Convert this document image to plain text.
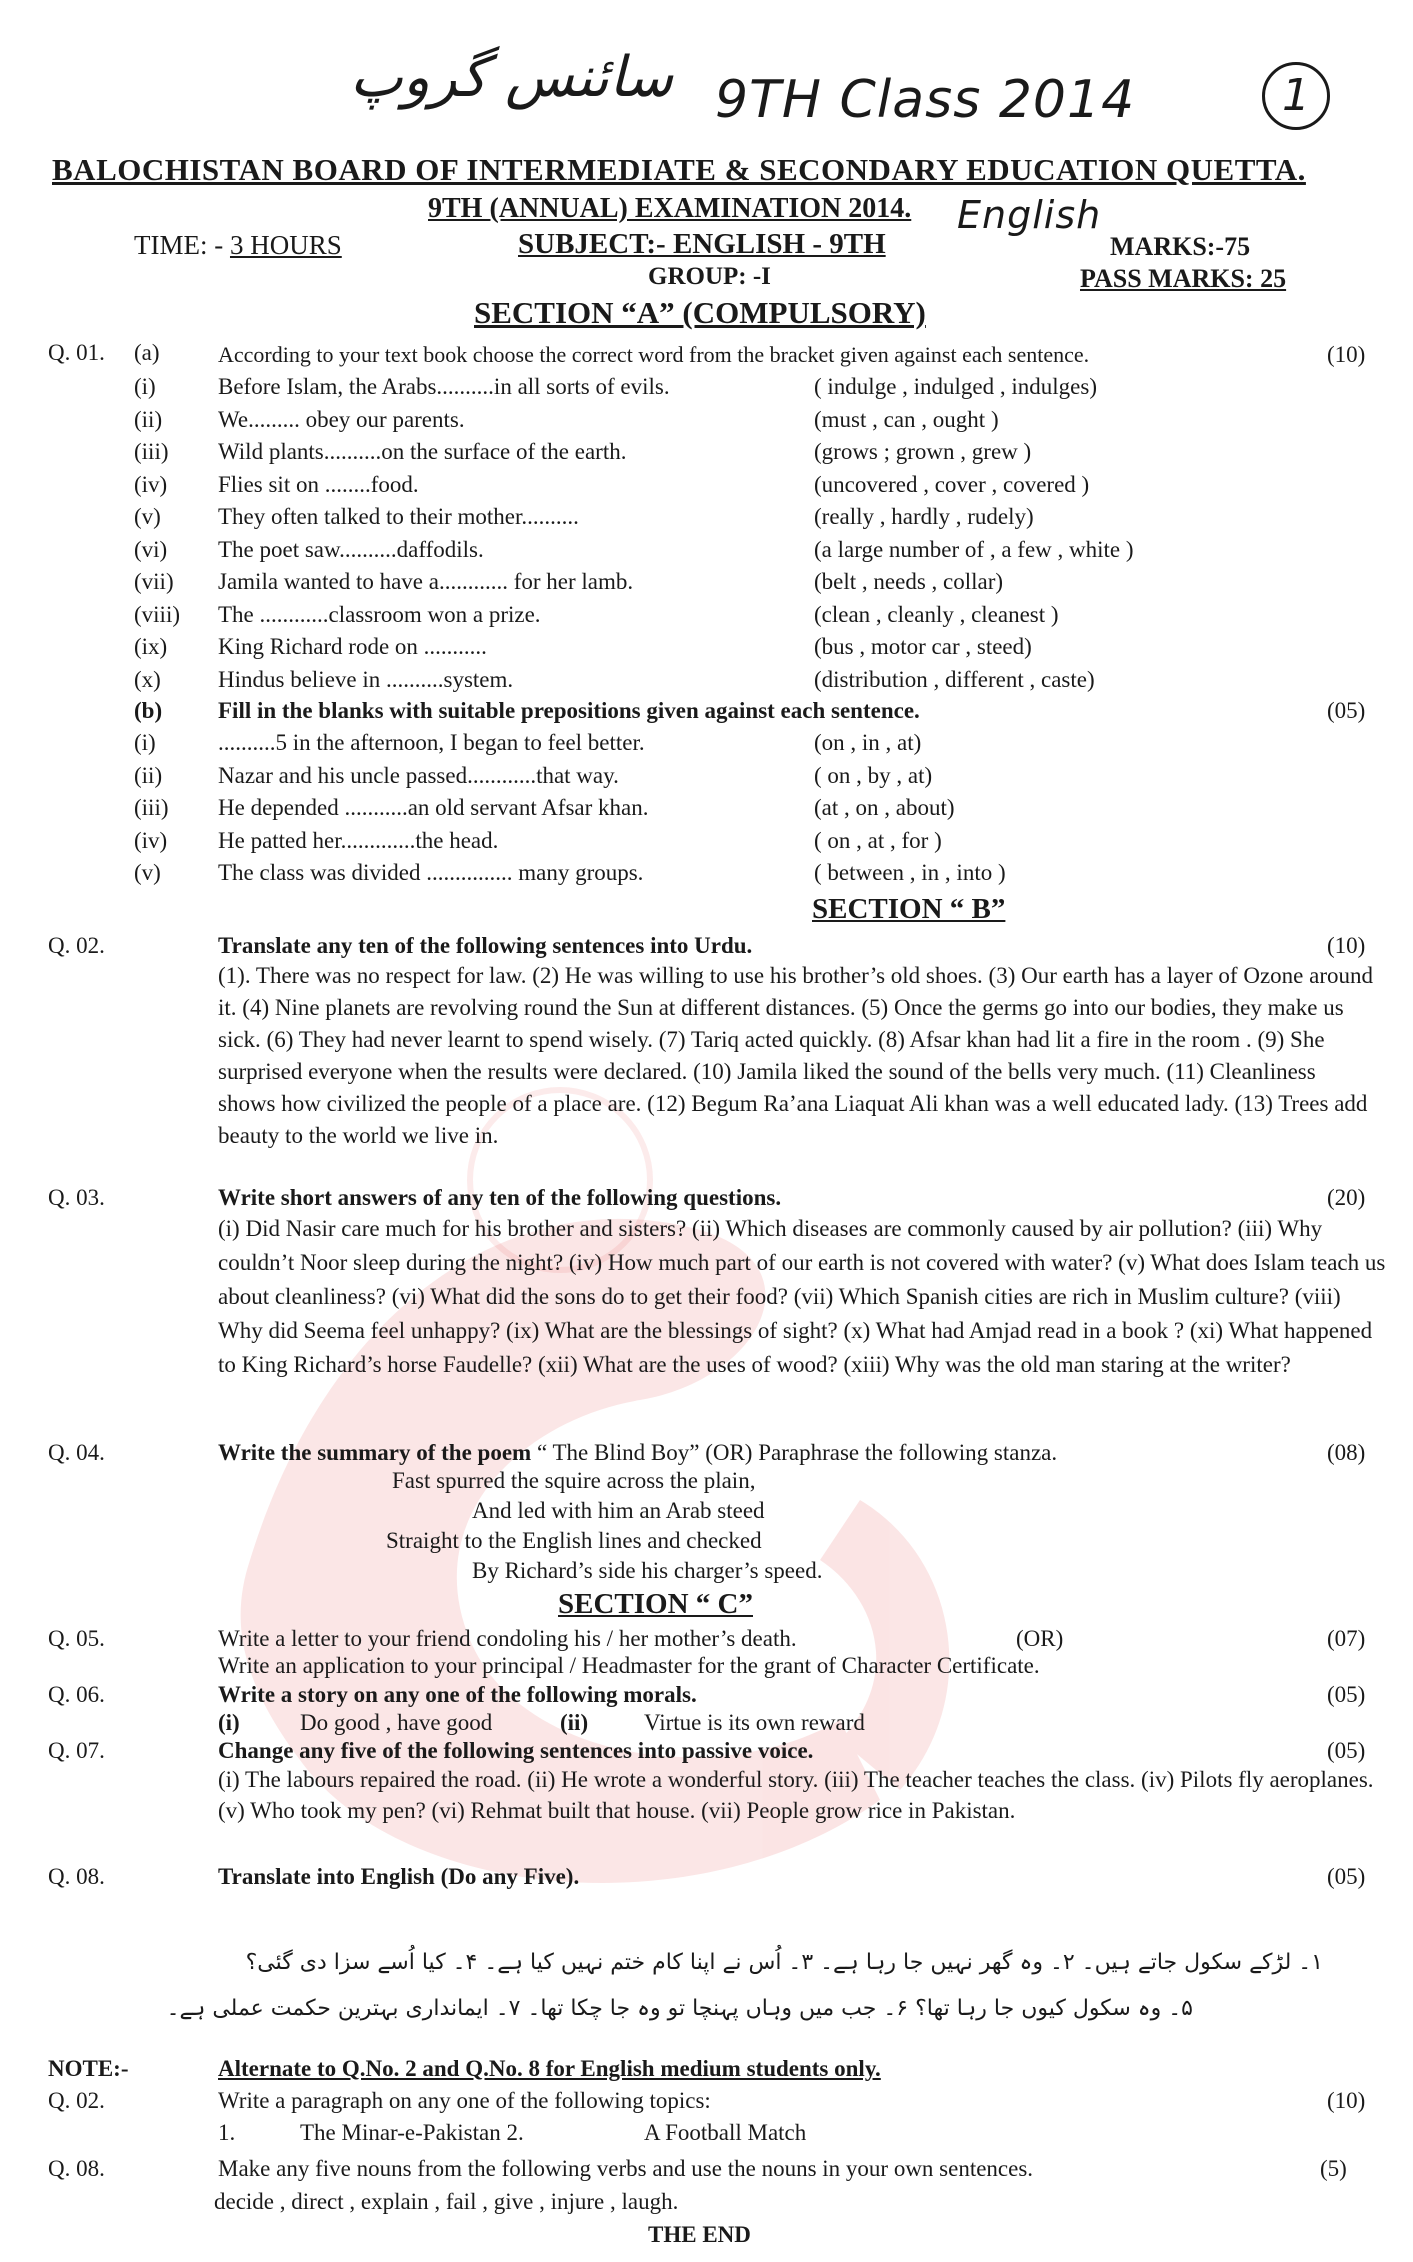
سائنس گروپ 9TH Class 2014	1
English
BALOCHISTAN BOARD OF INTERMEDIATE & SECONDARY EDUCATION QUETTA.
9TH (ANNUAL) EXAMINATION 2014.
TIME: - 3 HOURS	SUBJECT:- ENGLISH - 9TH	MARKS:-75
GROUP: -I	PASS MARKS: 25
SECTION “A” (COMPULSORY)
Q. 01. (a)	According to your text book choose the correct word from the bracket given against each sentence.	(10)
(i)	Before Islam, the Arabs..........in all sorts of evils.	( indulge , indulged , indulges)
(ii) We......... obey our parents.	(must , can , ought )
(iii) Wild plants..........on the surface of the earth.	(grows ; grown , grew )
(iv) Flies sit on ........food.	(uncovered , cover , covered )
(v) They often talked to their mother..........	(really , hardly , rudely)
(vi) The poet saw..........daffodils.	(a large number of , a few , white )
(vii) Jamila wanted to have a............ for her lamb.	(belt , needs , collar)
(viii) The ............classroom won a prize.	(clean , cleanly , cleanest )
(ix) King Richard rode on ...........	(bus , motor car , steed)
(x) Hindus believe in ..........system.	(distribution , different , caste)
(b) Fill in the blanks with suitable prepositions given against each sentence.	(05)
(i)	..........5 in the afternoon, I began to feel better.	(on , in , at)
(ii) Nazar and his uncle passed............that way.	( on , by , at)
(iii) He depended ...........an old servant Afsar khan.	(at , on , about)
(iv) He patted her.............the head.	( on , at , for )
(v) The class was divided ............... many groups.	( between , in , into )
SECTION “ B”
Q. 02.	Translate any ten of the following sentences into Urdu.	(10)
(1). There was no respect for law. (2) He was willing to use his brother’s old shoes. (3) Our earth has a layer of Ozone around it. (4) Nine planets are revolving round the Sun at different distances. (5) Once the germs go into our bodies, they make us sick. (6) They had never learnt to spend wisely. (7) Tariq acted quickly. (8) Afsar khan had lit a fire in the room . (9) She surprised everyone when the results were declared. (10) Jamila liked the sound of the bells very much. (11) Cleanliness shows how civilized the people of a place are. (12) Begum Ra’ana Liaquat Ali khan was a well educated lady. (13) Trees add beauty to the world we live in.
Q. 03.	Write short answers of any ten of the following questions.	(20)
(i) Did Nasir care much for his brother and sisters? (ii) Which diseases are commonly caused by air pollution? (iii) Why couldn’t Noor sleep during the night? (iv) How much part of our earth is not covered with water? (v) What does Islam teach us about cleanliness? (vi) What did the sons do to get their food? (vii) Which Spanish cities are rich in Muslim culture? (viii) Why did Seema feel unhappy? (ix) What are the blessings of sight? (x) What had Amjad read in a book ? (xi) What happened to King Richard’s horse Faudelle? (xii) What are the uses of wood? (xiii) Why was the old man staring at the writer?
Q. 04.	Write the summary of the poem “ The Blind Boy” (OR) Paraphrase the following stanza.	(08)
Fast spurred the squire across the plain,
And led with him an Arab steed
Straight to the English lines and checked
By Richard’s side his charger’s speed.
SECTION “ C”
Q. 05.	Write a letter to your friend condoling his / her mother’s death.	(OR)	(07)
Write an application to your principal / Headmaster for the grant of Character Certificate.
Q. 06.	Write a story on any one of the following morals.	(05)
(i)	Do good , have good	(ii) Virtue is its own reward
Q. 07.	Change any five of the following sentences into passive voice.	(05)
(i) The labours repaired the road. (ii) He wrote a wonderful story. (iii) The teacher teaches the class. (iv) Pilots fly aeroplanes. (v) Who took my pen? (vi) Rehmat built that house. (vii) People grow rice in Pakistan.
Q. 08.	Translate into English (Do any Five).	(05)
۱۔ لڑکے سکول جاتے ہیں۔ ۲۔ وہ گھر نہیں جا رہا ہے۔ ۳۔ اُس نے اپنا کام ختم نہیں کیا ہے۔ ۴۔ کیا اُسے سزا دی گئی؟
۵۔ وہ سکول کیوں جا رہا تھا؟ ۶۔ جب میں وہاں پہنچا تو وہ جا چکا تھا۔ ۷۔ ایمانداری بہترین حکمت عملی ہے۔
NOTE:-	Alternate to Q.No. 2 and Q.No. 8 for English medium students only.
Q. 02.	Write a paragraph on any one of the following topics:	(10)
1.	The Minar-e-Pakistan 2.	A Football Match
Q. 08.	Make any five nouns from the following verbs and use the nouns in your own sentences.	(5)
decide , direct , explain , fail , give , injure , laugh.
THE END
